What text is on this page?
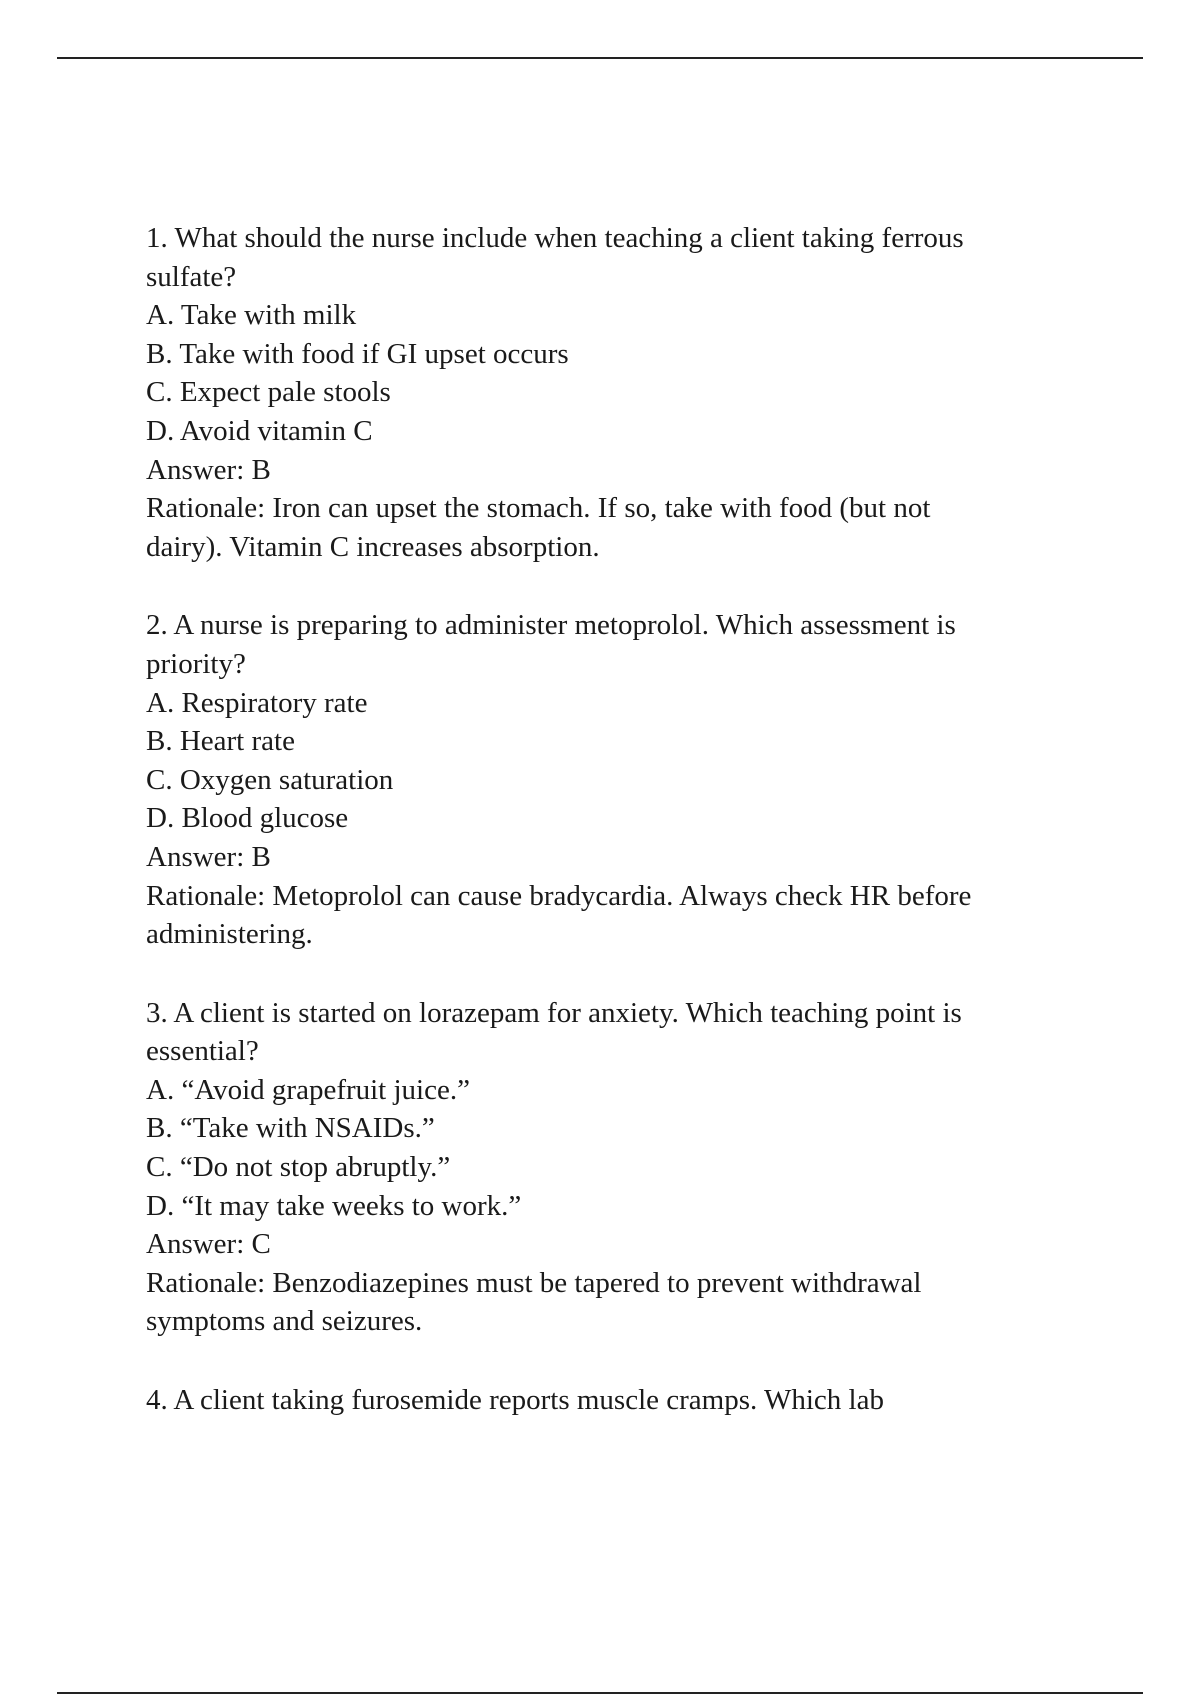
1. What should the nurse include when teaching a client taking ferrous sulfate?

A. Take with milk

B. Take with food if GI upset occurs

C. Expect pale stools

D. Avoid vitamin C

Answer: B

Rationale: Iron can upset the stomach. If so, take with food (but not dairy). Vitamin C increases absorption.

2. A nurse is preparing to administer metoprolol. Which assessment is priority?

A. Respiratory rate

B. Heart rate

C. Oxygen saturation

D. Blood glucose

Answer: B

Rationale: Metoprolol can cause bradycardia. Always check HR before administering.

3. A client is started on lorazepam for anxiety. Which teaching point is essential?

A. “Avoid grapefruit juice.”

B. “Take with NSAIDs.”

C. “Do not stop abruptly.”

D. “It may take weeks to work.”

Answer: C

Rationale: Benzodiazepines must be tapered to prevent withdrawal symptoms and seizures.

4. A client taking furosemide reports muscle cramps. Which lab
